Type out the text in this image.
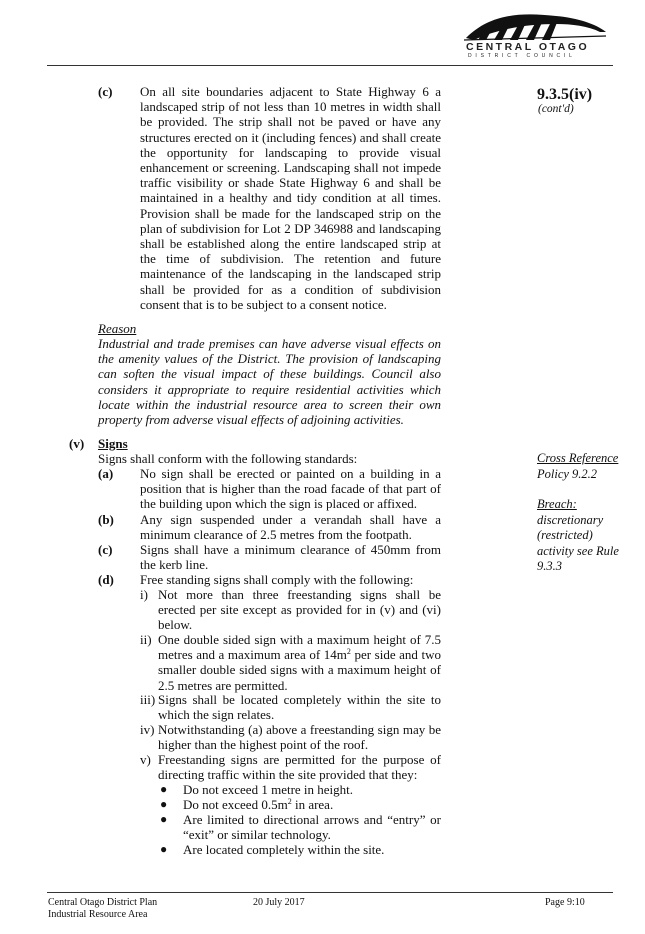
CENTRAL OTAGO
DISTRICT COUNCIL
9.3.5(iv)
(cont'd)
Cross Reference
Policy 9.2.2
Breach:
discretionary
(restricted)
activity see Rule
9.3.3
(c) On all site boundaries adjacent to State Highway 6 a landscaped strip of not less than 10 metres in width shall be provided. The strip shall not be paved or have any structures erected on it (including fences) and shall create the opportunity for landscaping to provide visual enhancement or screening. Landscaping shall not impede traffic visibility or shade State Highway 6 and shall be maintained in a healthy and tidy condition at all times. Provision shall be made for the landscaped strip on the plan of subdivision for Lot 2 DP 346988 and landscaping shall be established along the entire landscaped strip at the time of subdivision. The retention and future maintenance of the landscaping in the landscaped strip shall be provided for as a condition of subdivision consent that is to be subject to a consent notice.
Reason
Industrial and trade premises can have adverse visual effects on the amenity values of the District. The provision of landscaping can soften the visual impact of these buildings. Council also considers it appropriate to require residential activities which locate within the industrial resource area to screen their own property from adverse visual effects of adjoining activities.
(v) Signs
Signs shall conform with the following standards:
(a) No sign shall be erected or painted on a building in a position that is higher than the road facade of that part of the building upon which the sign is placed or affixed.
(b) Any sign suspended under a verandah shall have a minimum clearance of 2.5 metres from the footpath.
(c) Signs shall have a minimum clearance of 450mm from the kerb line.
(d) Free standing signs shall comply with the following:
i) Not more than three freestanding signs shall be erected per site except as provided for in (v) and (vi) below.
ii) One double sided sign with a maximum height of 7.5 metres and a maximum area of $14m^2$ per side and two smaller double sided signs with a maximum height of 2.5 metres are permitted.
iii) Signs shall be located completely within the site to which the sign relates.
iv) Notwithstanding (a) above a freestanding sign may be higher than the highest point of the roof.
v) Freestanding signs are permitted for the purpose of directing traffic within the site provided that they:
● Do not exceed 1 metre in height.
● Do not exceed $0.5m^2$ in area.
● Are limited to directional arrows and “entry” or “exit” or similar technology.
● Are located completely within the site.
Central Otago District Plan
Industrial Resource Area
20 July 2017	Page 9:10
